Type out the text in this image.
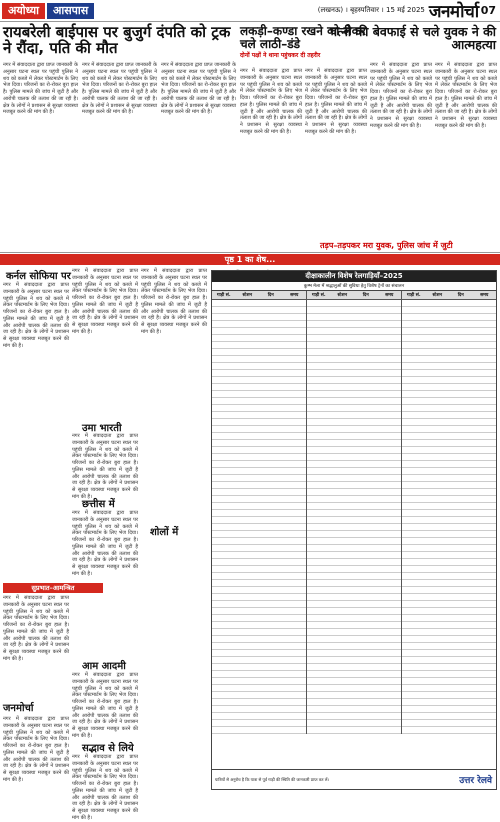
अयोध्या	आसपास	(लखनऊ) । बृहस्पतिवार । 15 मई 2025 जनमोर्चा 07
रायबरेली बाईपास पर बुजुर्ग दंपति को ट्रक ने रौंदा, पति की मौत
लकड़ी–कण्डा रखने को लेकर चले लाठी–डंडे
दोनों पक्षों ने थाना पहुंचकर दी तहरीर
पत्नी की बेवफाई से चले युवक ने की आत्महत्या
तड़प–तड़पकर मरा युवक, पुलिस जांच में जुटी
नगर में संवाददाता द्वारा प्राप्त जानकारी के अनुसार घटना स्थल पर पहुंची पुलिस ने शव को कब्जे में लेकर पोस्टमार्टम के लिए भेज दिया। परिजनों का रो-रोकर बुरा हाल है। पुलिस मामले की जांच में जुटी है और आरोपी चालक की तलाश की जा रही है। क्षेत्र के लोगों ने प्रशासन से सुरक्षा व्यवस्था मजबूत करने की मांग की है।
नगर में संवाददाता द्वारा प्राप्त जानकारी के अनुसार घटना स्थल पर पहुंची पुलिस ने शव को कब्जे में लेकर पोस्टमार्टम के लिए भेज दिया। परिजनों का रो-रोकर बुरा हाल है। पुलिस मामले की जांच में जुटी है और आरोपी चालक की तलाश की जा रही है। क्षेत्र के लोगों ने प्रशासन से सुरक्षा व्यवस्था मजबूत करने की मांग की है।
नगर में संवाददाता द्वारा प्राप्त जानकारी के अनुसार घटना स्थल पर पहुंची पुलिस ने शव को कब्जे में लेकर पोस्टमार्टम के लिए भेज दिया। परिजनों का रो-रोकर बुरा हाल है। पुलिस मामले की जांच में जुटी है और आरोपी चालक की तलाश की जा रही है। क्षेत्र के लोगों ने प्रशासन से सुरक्षा व्यवस्था मजबूत करने की मांग की है।
नगर में संवाददाता द्वारा प्राप्त जानकारी के अनुसार घटना स्थल पर पहुंची पुलिस ने शव को कब्जे में लेकर पोस्टमार्टम के लिए भेज दिया। परिजनों का रो-रोकर बुरा हाल है। पुलिस मामले की जांच में जुटी है और आरोपी चालक की तलाश की जा रही है। क्षेत्र के लोगों ने प्रशासन से सुरक्षा व्यवस्था मजबूत करने की मांग की है।
नगर में संवाददाता द्वारा प्राप्त जानकारी के अनुसार घटना स्थल पर पहुंची पुलिस ने शव को कब्जे में लेकर पोस्टमार्टम के लिए भेज दिया। परिजनों का रो-रोकर बुरा हाल है। पुलिस मामले की जांच में जुटी है और आरोपी चालक की तलाश की जा रही है। क्षेत्र के लोगों ने प्रशासन से सुरक्षा व्यवस्था मजबूत करने की मांग की है।
नगर में संवाददाता द्वारा प्राप्त जानकारी के अनुसार घटना स्थल पर पहुंची पुलिस ने शव को कब्जे में लेकर पोस्टमार्टम के लिए भेज दिया। परिजनों का रो-रोकर बुरा हाल है। पुलिस मामले की जांच में जुटी है और आरोपी चालक की तलाश की जा रही है। क्षेत्र के लोगों ने प्रशासन से सुरक्षा व्यवस्था मजबूत करने की मांग की है।
नगर में संवाददाता द्वारा प्राप्त जानकारी के अनुसार घटना स्थल पर पहुंची पुलिस ने शव को कब्जे में लेकर पोस्टमार्टम के लिए भेज दिया। परिजनों का रो-रोकर बुरा हाल है। पुलिस मामले की जांच में जुटी है और आरोपी चालक की तलाश की जा रही है। क्षेत्र के लोगों ने प्रशासन से सुरक्षा व्यवस्था मजबूत करने की मांग की है।
पृष्ठ 1 का शेष...
कर्नल सोफिया पर
नगर में संवाददाता द्वारा प्राप्त जानकारी के अनुसार घटना स्थल पर पहुंची पुलिस ने शव को कब्जे में लेकर पोस्टमार्टम के लिए भेज दिया। परिजनों का रो-रोकर बुरा हाल है। पुलिस मामले की जांच में जुटी है और आरोपी चालक की तलाश की जा रही है। क्षेत्र के लोगों ने प्रशासन से सुरक्षा व्यवस्था मजबूत करने की मांग की है।
नगर में संवाददाता द्वारा प्राप्त जानकारी के अनुसार घटना स्थल पर पहुंची पुलिस ने शव को कब्जे में लेकर पोस्टमार्टम के लिए भेज दिया। परिजनों का रो-रोकर बुरा हाल है। पुलिस मामले की जांच में जुटी है और आरोपी चालक की तलाश की जा रही है। क्षेत्र के लोगों ने प्रशासन से सुरक्षा व्यवस्था मजबूत करने की मांग की है।
उमा भारती
नगर में संवाददाता द्वारा प्राप्त जानकारी के अनुसार घटना स्थल पर पहुंची पुलिस ने शव को कब्जे में लेकर पोस्टमार्टम के लिए भेज दिया। परिजनों का रो-रोकर बुरा हाल है। पुलिस मामले की जांच में जुटी है और आरोपी चालक की तलाश की जा रही है। क्षेत्र के लोगों ने प्रशासन से सुरक्षा व्यवस्था मजबूत करने की मांग की है।
छत्तीस में
नगर में संवाददाता द्वारा प्राप्त जानकारी के अनुसार घटना स्थल पर पहुंची पुलिस ने शव को कब्जे में लेकर पोस्टमार्टम के लिए भेज दिया। परिजनों का रो-रोकर बुरा हाल है। पुलिस मामले की जांच में जुटी है और आरोपी चालक की तलाश की जा रही है। क्षेत्र के लोगों ने प्रशासन से सुरक्षा व्यवस्था मजबूत करने की मांग की है।
आम आदमी
नगर में संवाददाता द्वारा प्राप्त जानकारी के अनुसार घटना स्थल पर पहुंची पुलिस ने शव को कब्जे में लेकर पोस्टमार्टम के लिए भेज दिया। परिजनों का रो-रोकर बुरा हाल है। पुलिस मामले की जांच में जुटी है और आरोपी चालक की तलाश की जा रही है। क्षेत्र के लोगों ने प्रशासन से सुरक्षा व्यवस्था मजबूत करने की मांग की है।
सद्भाव से लिये
नगर में संवाददाता द्वारा प्राप्त जानकारी के अनुसार घटना स्थल पर पहुंची पुलिस ने शव को कब्जे में लेकर पोस्टमार्टम के लिए भेज दिया। परिजनों का रो-रोकर बुरा हाल है। पुलिस मामले की जांच में जुटी है और आरोपी चालक की तलाश की जा रही है। क्षेत्र के लोगों ने प्रशासन से सुरक्षा व्यवस्था मजबूत करने की मांग की है।
नगर में संवाददाता द्वारा प्राप्त जानकारी के अनुसार घटना स्थल पर पहुंची पुलिस ने शव को कब्जे में लेकर पोस्टमार्टम के लिए भेज दिया। परिजनों का रो-रोकर बुरा हाल है। पुलिस मामले की जांच में जुटी है और आरोपी चालक की तलाश की जा रही है। क्षेत्र के लोगों ने प्रशासन से सुरक्षा व्यवस्था मजबूत करने की मांग की है।
शोलों में
सुप्रभात–आमन्त्रित
नगर में संवाददाता द्वारा प्राप्त जानकारी के अनुसार घटना स्थल पर पहुंची पुलिस ने शव को कब्जे में लेकर पोस्टमार्टम के लिए भेज दिया। परिजनों का रो-रोकर बुरा हाल है। पुलिस मामले की जांच में जुटी है और आरोपी चालक की तलाश की जा रही है। क्षेत्र के लोगों ने प्रशासन से सुरक्षा व्यवस्था मजबूत करने की मांग की है।
जनमोर्चा
नगर में संवाददाता द्वारा प्राप्त जानकारी के अनुसार घटना स्थल पर पहुंची पुलिस ने शव को कब्जे में लेकर पोस्टमार्टम के लिए भेज दिया। परिजनों का रो-रोकर बुरा हाल है। पुलिस मामले की जांच में जुटी है और आरोपी चालक की तलाश की जा रही है। क्षेत्र के लोगों ने प्रशासन से सुरक्षा व्यवस्था मजबूत करने की मांग की है।
दीक्षाकालीन विशेष रेलगाड़ियाँ–2025
कुम्भ मेला में श्रद्धालुओं की सुविधा हेतु विशेष ट्रेनों का संचालन
गाड़ी सं.	स्टेशन	दिन	समय	गाड़ी सं.	स्टेशन	दिन	समय	गाड़ी सं.	स्टेशन	दिन	समय
यात्रियों से अनुरोध है कि यात्रा से पूर्व गाड़ी की स्थिति की जानकारी प्राप्त कर लें।	उत्तर रेलवे
